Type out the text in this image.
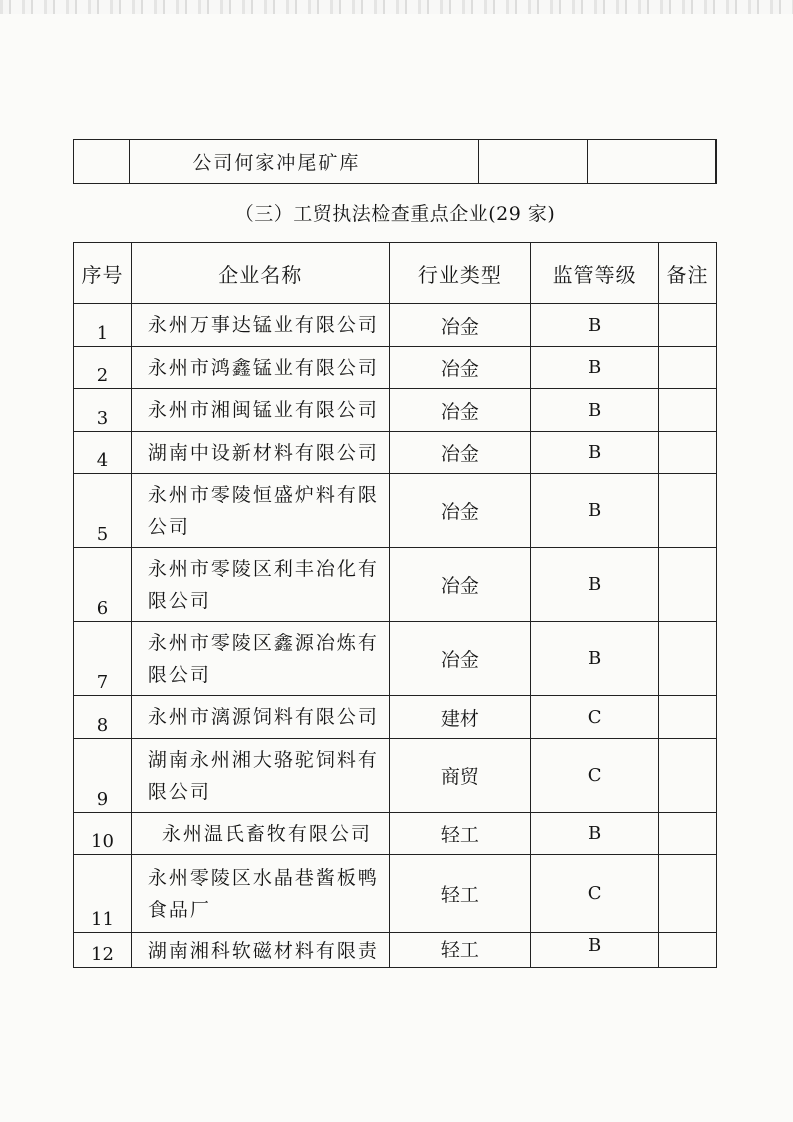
	公司何家冲尾矿库			
（三）工贸执法检查重点企业(29 家)
序号	企业名称	行业类型	监管等级	备注
1	永州万事达锰业有限公司	冶金	B	
2	永州市鸿鑫锰业有限公司	冶金	B	
3	永州市湘闽锰业有限公司	冶金	B	
4	湖南中设新材料有限公司	冶金	B	
5	永州市零陵恒盛炉料有限公司	冶金	B	
6	永州市零陵区利丰冶化有限公司	冶金	B	
7	永州市零陵区鑫源冶炼有限公司	冶金	B	
8	永州市漓源饲料有限公司	建材	C	
9	湖南永州湘大骆驼饲料有限公司	商贸	C	
10	永州温氏畜牧有限公司	轻工	B	
11	永州零陵区水晶巷酱板鸭食品厂	轻工	C	
12	湖南湘科软磁材料有限责	轻工	B	
